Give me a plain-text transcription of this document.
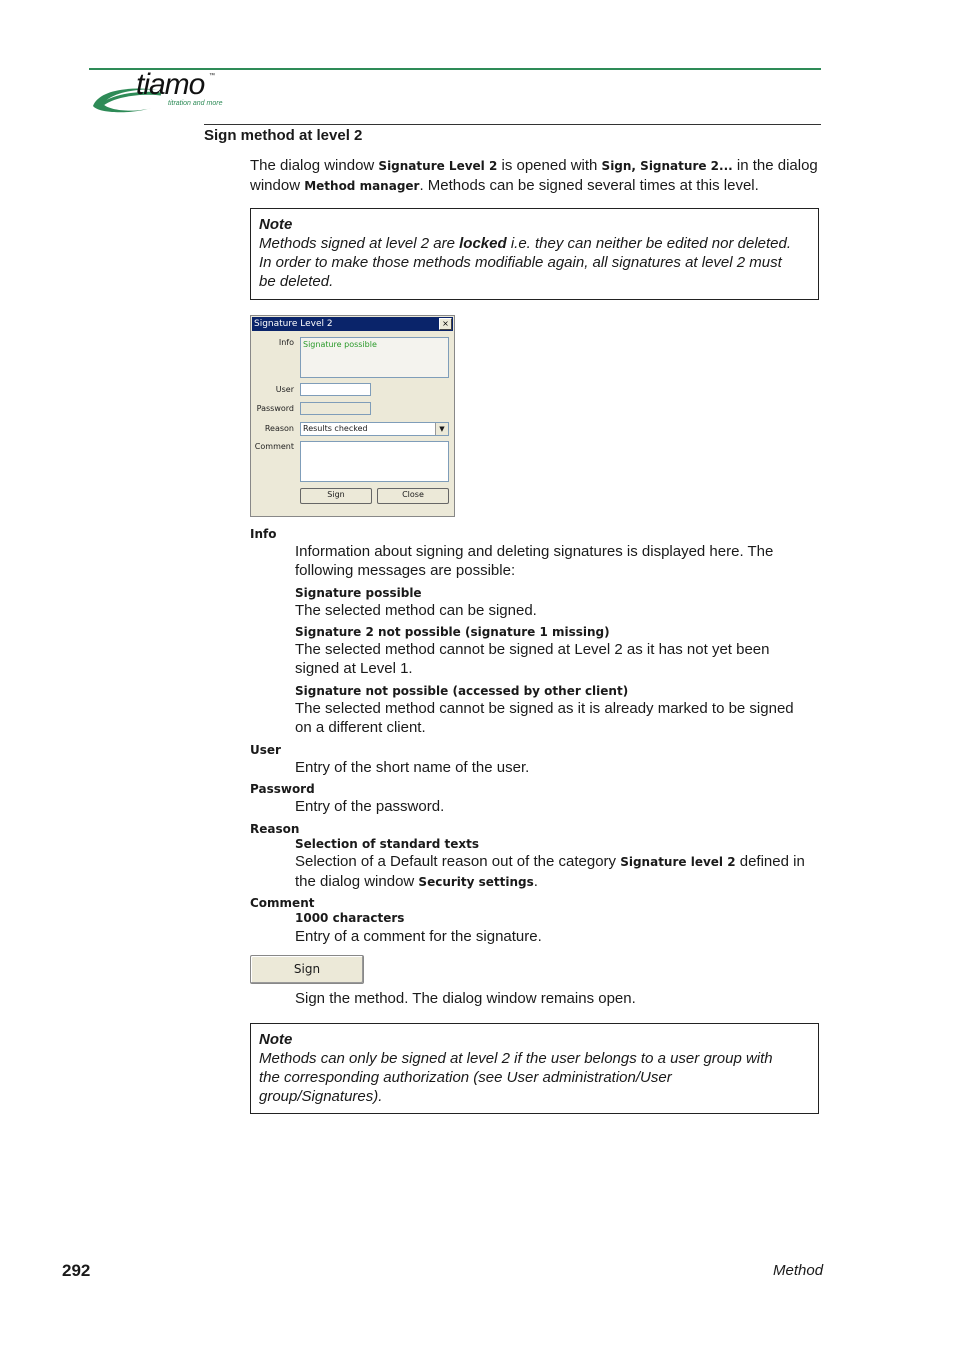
tiamo ™
titration and more
Sign method at level 2
The dialog window Signature Level 2 is opened with Sign, Signature 2... in the dialog
window Method manager. Methods can be signed several times at this level.
Note
Methods signed at level 2 are locked i.e. they can neither be edited nor deleted.
In order to make those methods modifiable again, all signatures at level 2 must
be deleted.
Signature Level 2	×
Info	Signature possible
User
Password
Reason	Results checked	▼
Comment
Sign	Close
Info
Information about signing and deleting signatures is displayed here. The
following messages are possible:
Signature possible
The selected method can be signed.
Signature 2 not possible (signature 1 missing)
The selected method cannot be signed at Level 2 as it has not yet been
signed at Level 1.
Signature not possible (accessed by other client)
The selected method cannot be signed as it is already marked to be signed
on a different client.
User
Entry of the short name of the user.
Password
Entry of the password.
Reason
Selection of standard texts
Selection of a Default reason out of the category Signature level 2 defined in
the dialog window Security settings.
Comment
1000 characters
Entry of a comment for the signature.
Sign
Sign the method. The dialog window remains open.
Note
Methods can only be signed at level 2 if the user belongs to a user group with
the corresponding authorization (see User administration/User
group/Signatures).
292	Method
